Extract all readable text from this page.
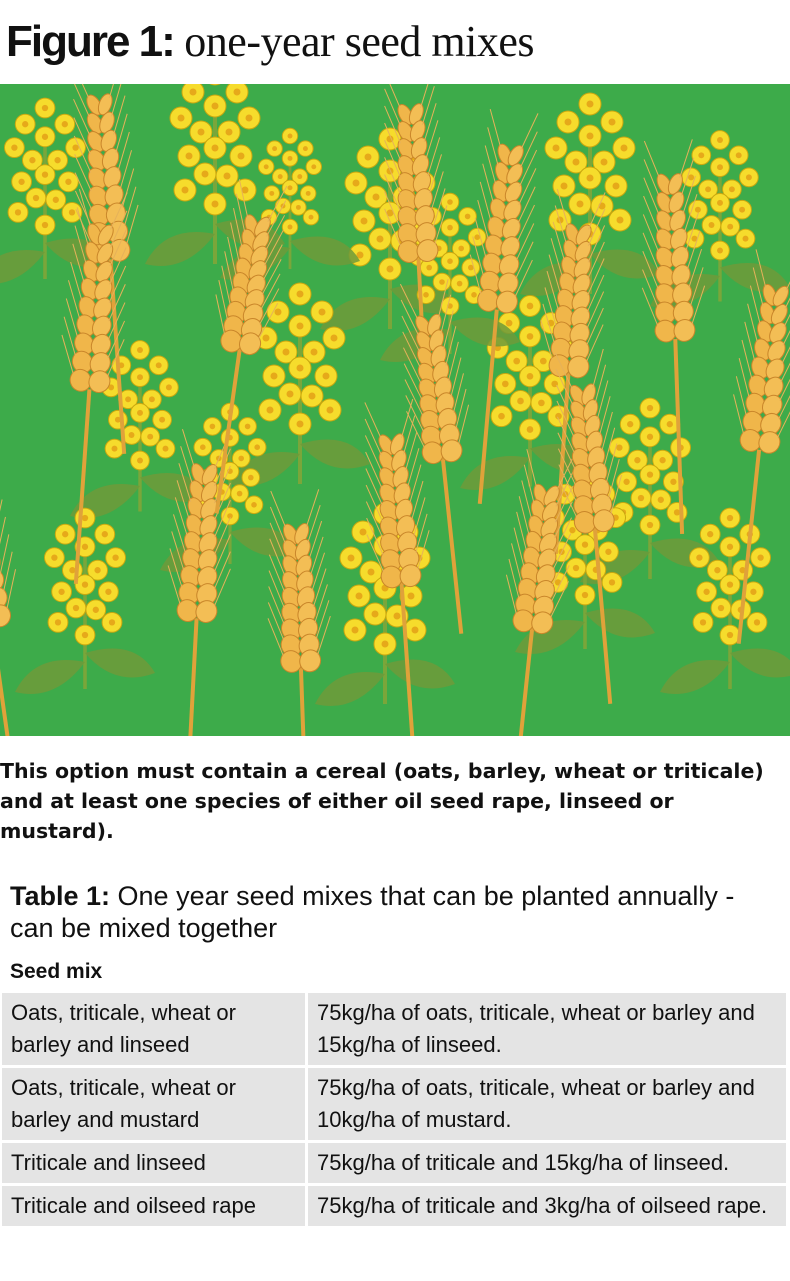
Figure 1: one-year seed mixes

This option must contain a cereal (oats, barley, wheat or triticale) and at least one species of either oil seed rape, linseed or mustard).

Table 1: One year seed mixes that can be planted annually - can be mixed together

Seed mix
Oats, triticale, wheat or barley and linseed	75kg/ha of oats, triticale, wheat or barley and 15kg/ha of linseed.
Oats, triticale, wheat or barley and mustard	75kg/ha of oats, triticale, wheat or barley and 10kg/ha of mustard.
Triticale and linseed	75kg/ha of triticale and 15kg/ha of linseed.
Triticale and oilseed rape	75kg/ha of triticale and 3kg/ha of oilseed rape.
